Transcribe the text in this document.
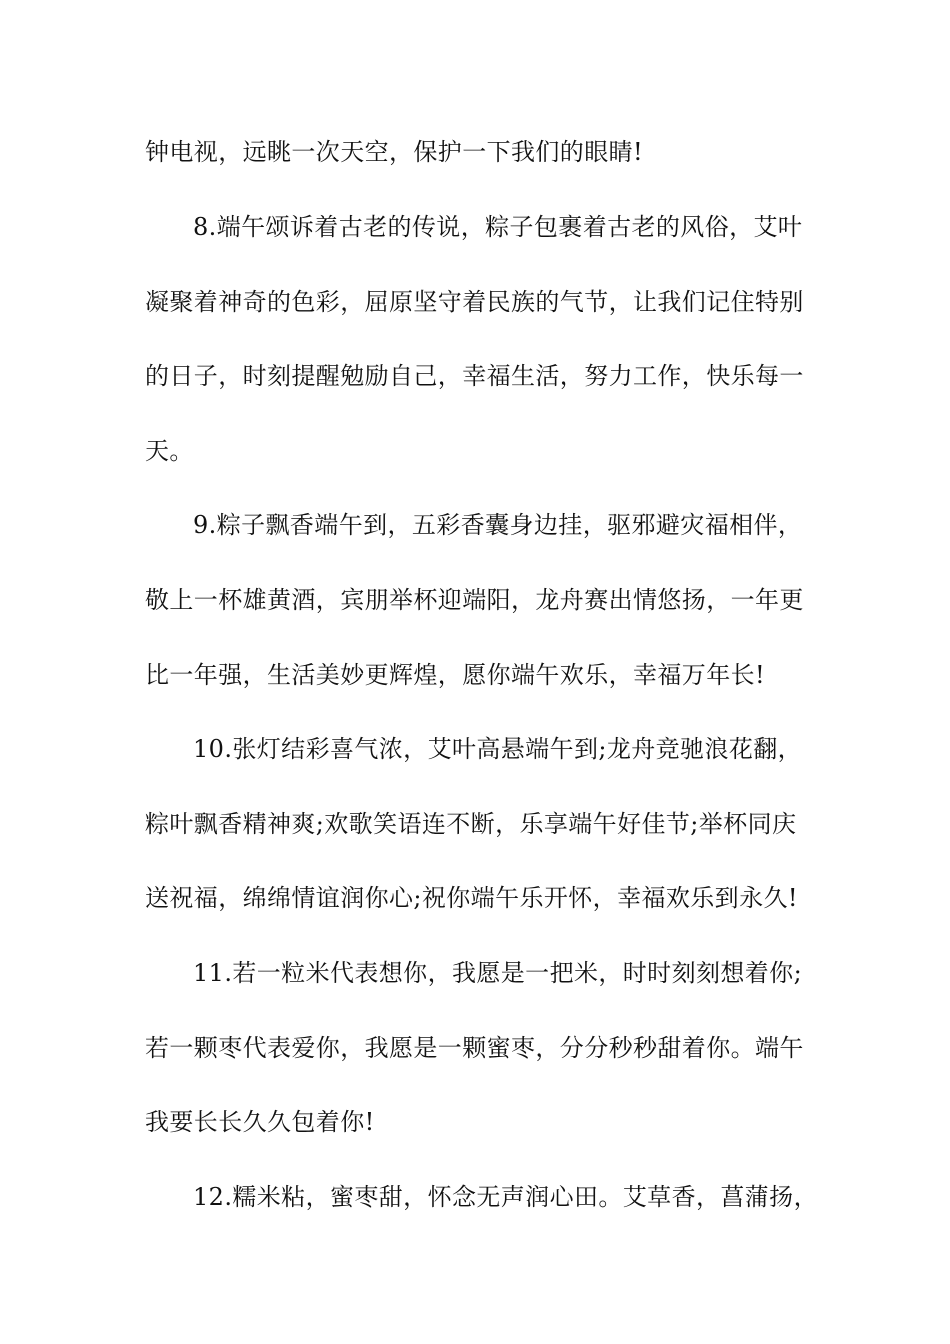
钟电视，远眺一次天空，保护一下我们的眼睛!
8.端午颂诉着古老的传说，粽子包裹着古老的风俗，艾叶
凝聚着神奇的色彩，屈原坚守着民族的气节，让我们记住特别
的日子，时刻提醒勉励自己，幸福生活，努力工作，快乐每一
天。
9.粽子飘香端午到，五彩香囊身边挂，驱邪避灾福相伴，
敬上一杯雄黄酒，宾朋举杯迎端阳，龙舟赛出情悠扬，一年更
比一年强，生活美妙更辉煌，愿你端午欢乐，幸福万年长!
10.张灯结彩喜气浓，艾叶高悬端午到;龙舟竞驰浪花翻，
粽叶飘香精神爽;欢歌笑语连不断，乐享端午好佳节;举杯同庆
送祝福，绵绵情谊润你心;祝你端午乐开怀，幸福欢乐到永久!
11.若一粒米代表想你，我愿是一把米，时时刻刻想着你;
若一颗枣代表爱你，我愿是一颗蜜枣，分分秒秒甜着你。端午
我要长长久久包着你!
12.糯米粘，蜜枣甜，怀念无声润心田。艾草香，菖蒲扬，
